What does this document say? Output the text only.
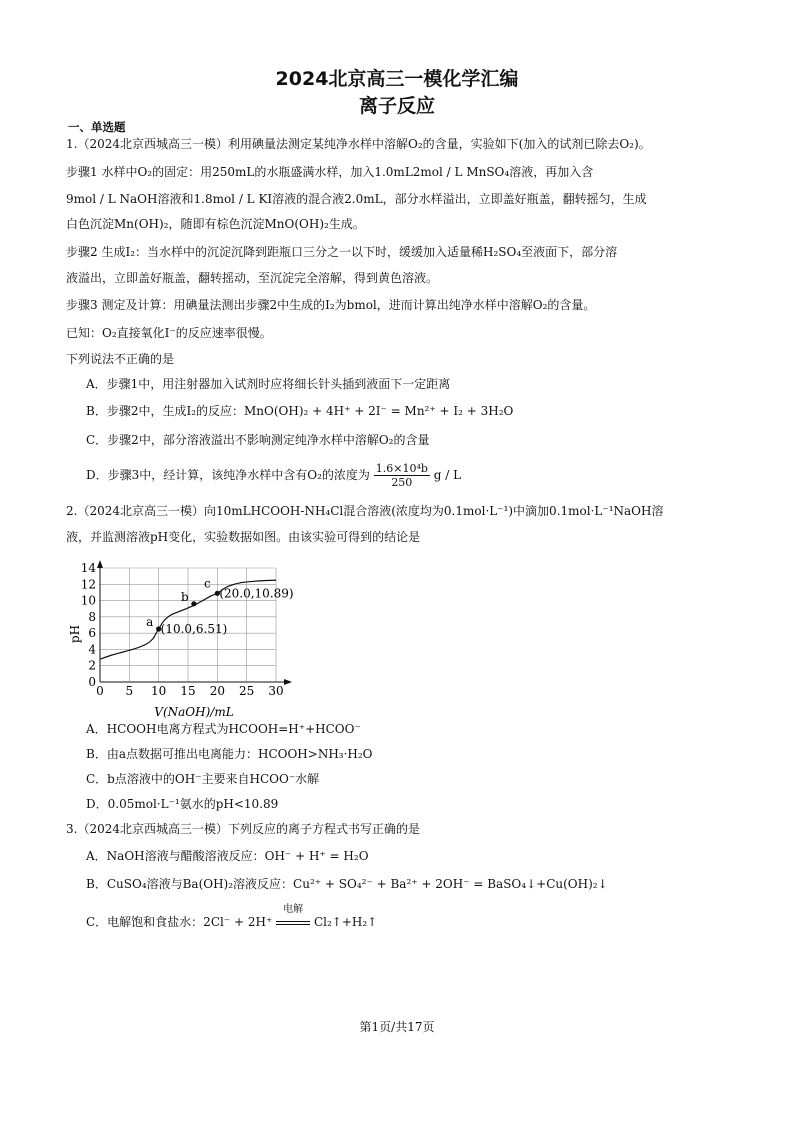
2024北京高三一模化学汇编
离子反应
一、单选题
1.（2024北京西城高三一模）利用碘量法测定某纯净水样中溶解O₂的含量，实验如下(加入的试剂已除去O₂)。
步骤1 水样中O₂的固定：用250mL的水瓶盛满水样，加入1.0mL2mol / L MnSO₄溶液，再加入含
9mol / L NaOH溶液和1.8mol / L KI溶液的混合液2.0mL，部分水样溢出，立即盖好瓶盖，翻转摇匀，生成
白色沉淀Mn(OH)₂，随即有棕色沉淀MnO(OH)₂生成。
步骤2 生成I₂：当水样中的沉淀沉降到距瓶口三分之一以下时，缓缓加入适量稀H₂SO₄至液面下，部分溶
液溢出，立即盖好瓶盖，翻转摇动，至沉淀完全溶解，得到黄色溶液。
步骤3 测定及计算：用碘量法测出步骤2中生成的I₂为bmol，进而计算出纯净水样中溶解O₂的含量。
已知：O₂直接氧化I⁻的反应速率很慢。
下列说法不正确的是
A．步骤1中，用注射器加入试剂时应将细长针头插到液面下一定距离
B．步骤2中，生成I₂的反应：MnO(OH)₂ + 4H⁺ + 2I⁻ = Mn²⁺ + I₂ + 3H₂O
C．步骤2中，部分溶液溢出不影响测定纯净水样中溶解O₂的含量
D．步骤3中，经计算，该纯净水样中含有O₂的浓度为 $\frac{\text{1.6×10⁴b}}{250}$ g / L
2.（2024北京高三一模）向10mLHCOOH-NH₄Cl混合溶液(浓度均为0.1mol·L⁻¹)中滴加0.1mol·L⁻¹NaOH溶
液，并监测溶液pH变化，实验数据如图。由该实验可得到的结论是
0 5 10 15 20 25 30
0
2
4
6
8
10
12
14
a (10.0,6.51)
b
c
(20.0,10.89)
pH
V(NaOH)/mL
A．HCOOH电离方程式为HCOOH=H⁺+HCOO⁻
B．由a点数据可推出电离能力：HCOOH>NH₃·H₂O
C．b点溶液中的OH⁻主要来自HCOO⁻水解
D．0.05mol·L⁻¹氨水的pH<10.89
3.（2024北京西城高三一模）下列反应的离子方程式书写正确的是
A．NaOH溶液与醋酸溶液反应：OH⁻ + H⁺ = H₂O
B．CuSO₄溶液与Ba(OH)₂溶液反应：Cu²⁺ + SO₄²⁻ + Ba²⁺ + 2OH⁻ = BaSO₄↓+Cu(OH)₂↓
C．电解饱和食盐水：2Cl⁻ + 2H⁺
电解
Cl₂↑+H₂↑
第1页/共17页
